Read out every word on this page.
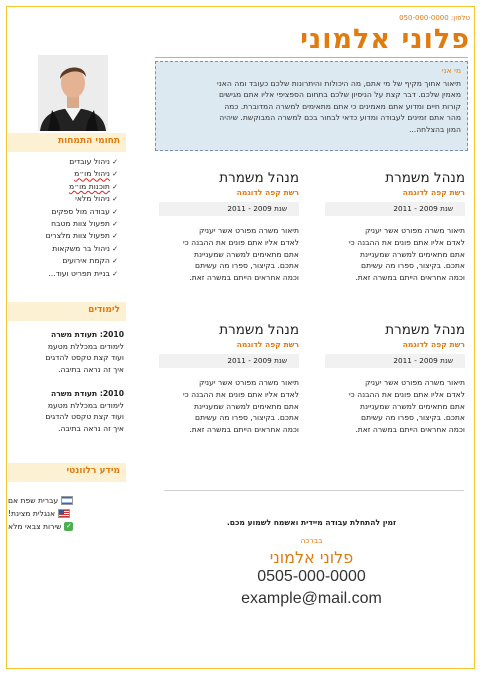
050-000-0000 :טלפון
פלוני אלמוני
מי אני
תיאור אחוך מקיף של מי אתם, מה היכולות והיתרונות שלכם כעובד ומה האני
מאמין שלכם. דבר קצת על הניסיון שלכם בתחום הספציפי אליו אתם מגישים
קורות חיים ומדוע אתם מאמינים כי אתם מתאימים למשרה המדוברת. כמה
מהר אתם זמינים לעבודה ומדוע כדאי לבחור בכם למשרה המבוקשת. שיהיה
המון בהצלחה...
תחומי התמחות
✓ ניהול עובדים
✓ ניהול מו״מ
✓ תוכנות מו״מ
✓ ניהול מלאי
✓ עבודה מול ספקים
✓ תפעול צוות מטבח
✓ תפעול צוות מלצרים
✓ ניהול בר משקאות
✓ הקמת אירועים
✓ בניית תפריט ועוד...
לימודים
2010: תעודת משרה
לימודים במכללת מטעמ
ועוד קצת טקסט להדגים
איך זה נראה בתיבה.
2010: תעודת משרה
לימודים במכללת מטעמ
ועוד קצת טקסט להדגים
איך זה נראה בתיבה.
מידע רלוונטי
עברית שפת אם
אנגלית מצינת!
✓
שירות צבאי מלא
מנהל משמרת
רשת קפה לדוגמה
שנת 2009 - 2011
תיאור משרה מפורט אשר יעניק
לאדם אליו אתם פונים את ההבנה כי
אתם מתאימים למשרה שמעניינת
אתכם. בקיצור, ספרו מה עשיתם
וכמה אחראים הייתם במשרה זאת.
מנהל משמרת
רשת קפה לדוגמה
שנת 2009 - 2011
תיאור משרה מפורט אשר יעניק
לאדם אליו אתם פונים את ההבנה כי
אתם מתאימים למשרה שמעניינת
אתכם. בקיצור, ספרו מה עשיתם
וכמה אחראים הייתם במשרה זאת.
מנהל משמרת
רשת קפה לדוגמה
שנת 2009 - 2011
תיאור משרה מפורט אשר יעניק
לאדם אליו אתם פונים את ההבנה כי
אתם מתאימים למשרה שמעניינת
אתכם. בקיצור, ספרו מה עשיתם
וכמה אחראים הייתם במשרה זאת.
מנהל משמרת
רשת קפה לדוגמה
שנת 2009 - 2011
תיאור משרה מפורט אשר יעניק
לאדם אליו אתם פונים את ההבנה כי
אתם מתאימים למשרה שמעניינת
אתכם. בקיצור, ספרו מה עשיתם
וכמה אחראים הייתם במשרה זאת.
זמין להתחלת עבודה מיידית ואשמח לשמוע מכם.
בברכה
פלוני אלמוני
0505-000-0000
example@mail.com
